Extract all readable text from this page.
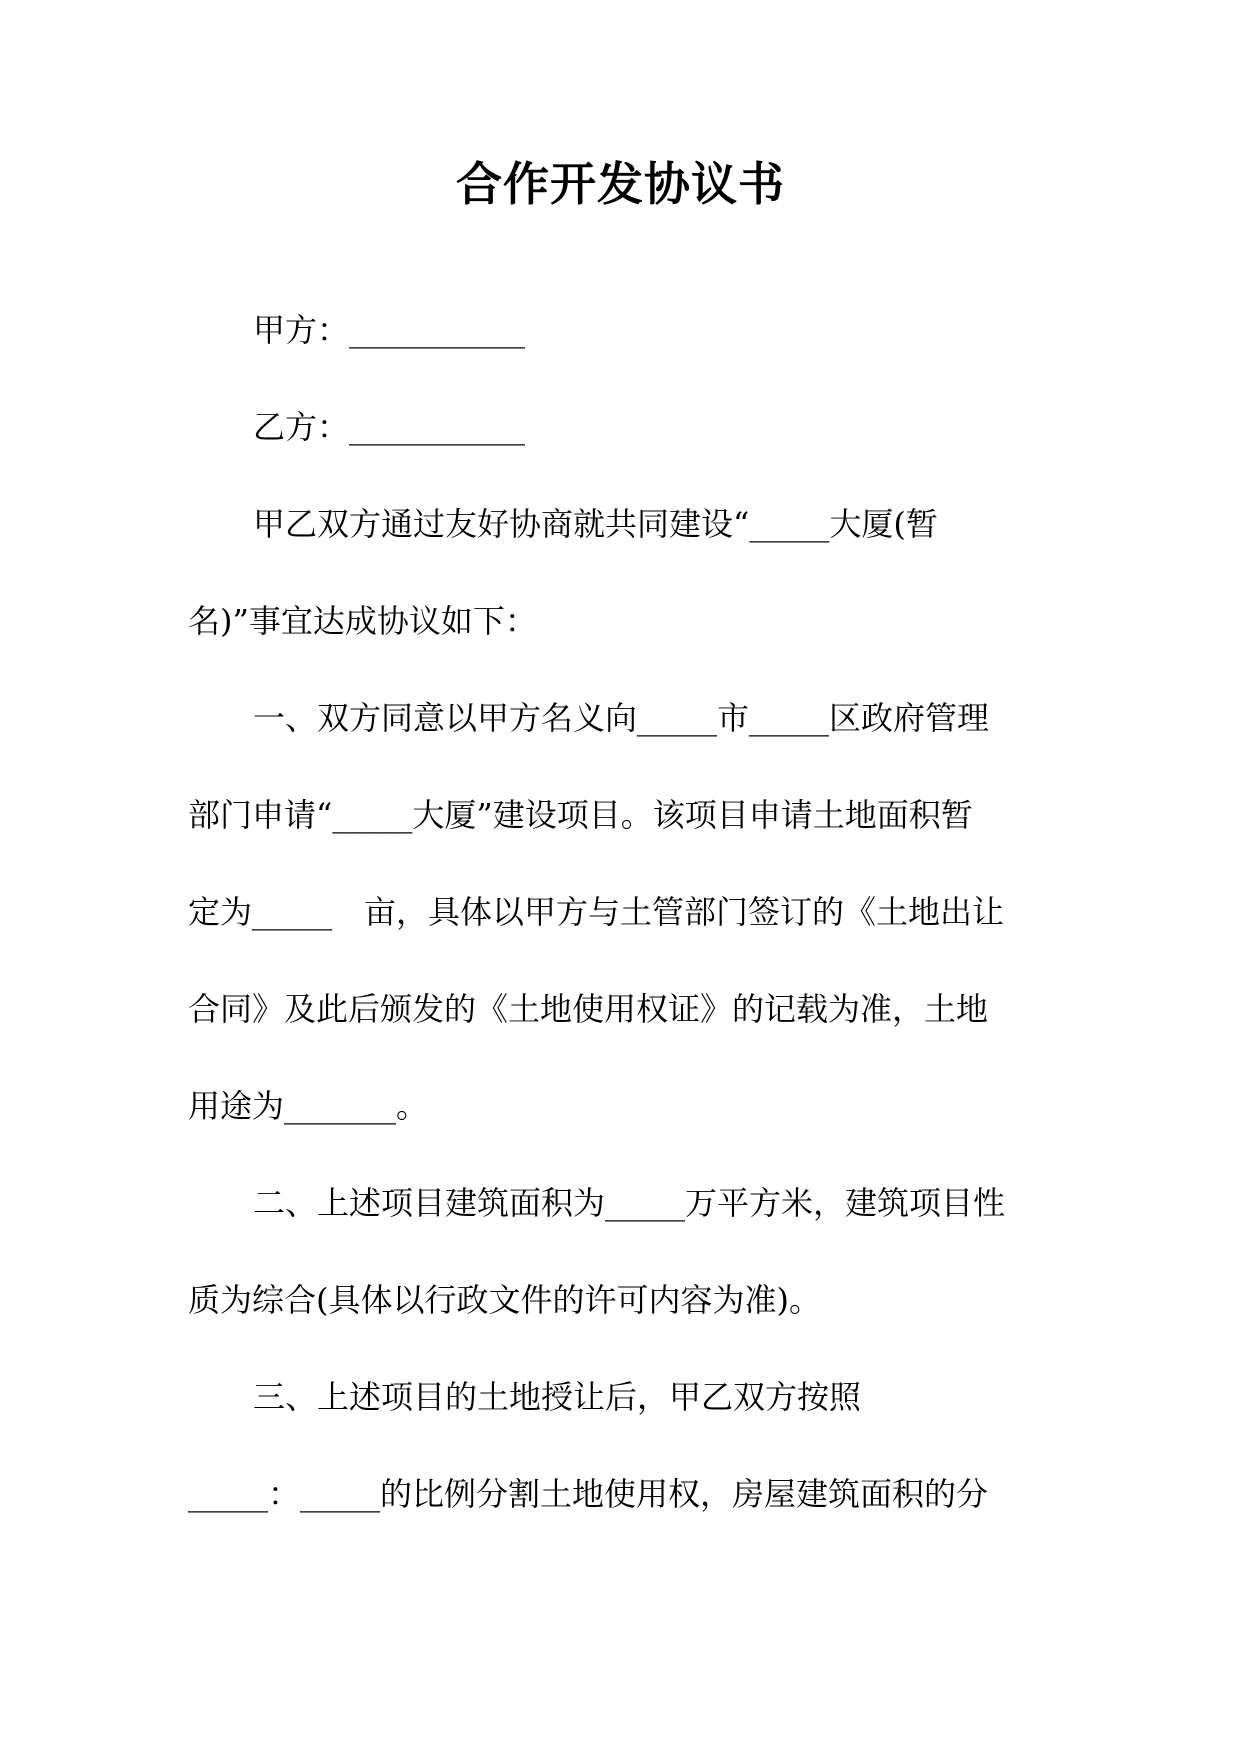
合作开发协议书
甲方：___________
乙方：___________
甲乙双方通过友好协商就共同建设“_____大厦(暂
名)”事宜达成协议如下：
一、双方同意以甲方名义向_____市_____区政府管理
部门申请“_____大厦”建设项目。该项目申请土地面积暂
定为_____　亩，具体以甲方与土管部门签订的《土地出让
合同》及此后颁发的《土地使用权证》的记载为准，土地
用途为_______。
二、上述项目建筑面积为_____万平方米，建筑项目性
质为综合(具体以行政文件的许可内容为准)。
三、上述项目的土地授让后，甲乙双方按照
_____：_____的比例分割土地使用权，房屋建筑面积的分
